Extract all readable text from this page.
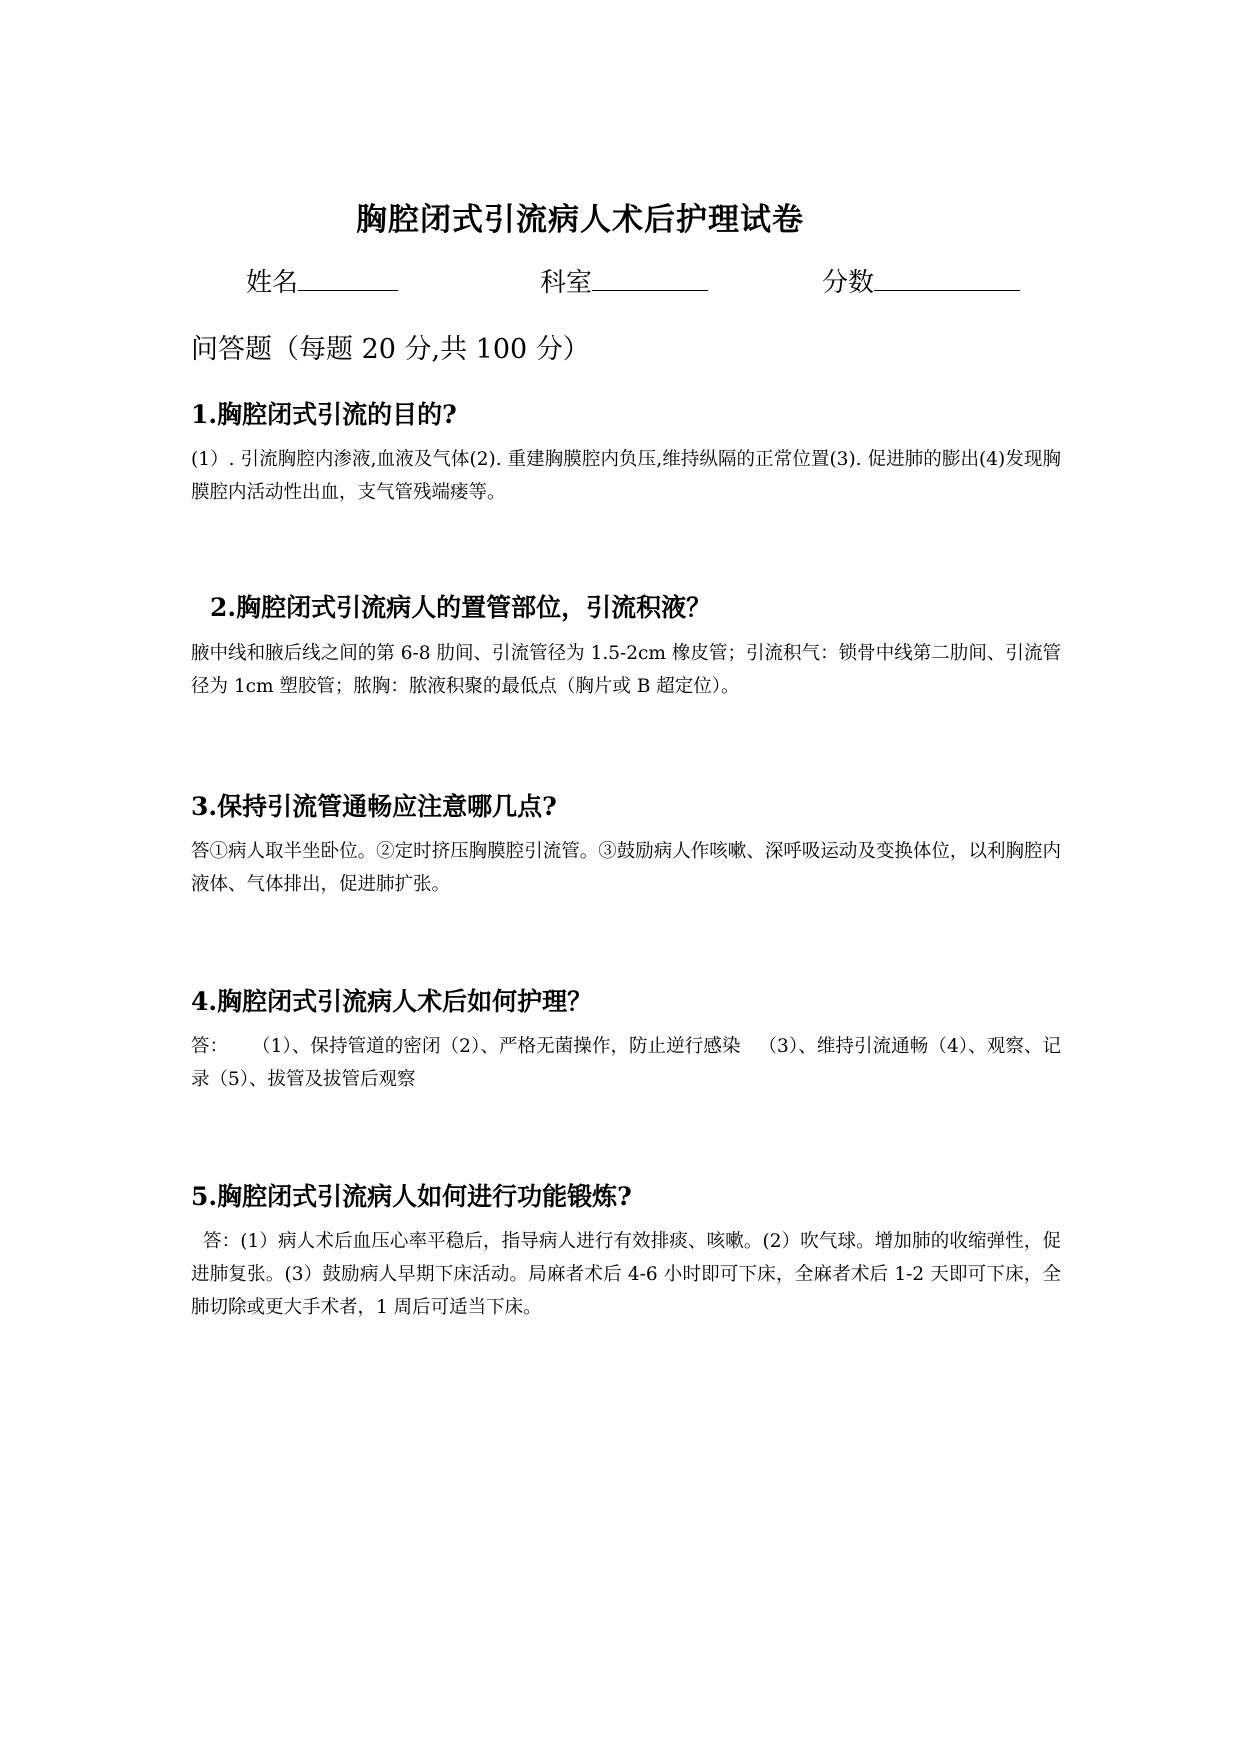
胸腔闭式引流病人术后护理试卷
姓名	科室	分数
问答题（每题 20 分,共 100 分）
1.胸腔闭式引流的目的?
(1）. 引流胸腔内渗液,血液及气体(2). 重建胸膜腔内负压,维持纵隔的正常位置(3). 促进肺的膨出(4)发现胸膜腔内活动性出血，支气管残端瘘等。
2.胸腔闭式引流病人的置管部位，引流积液？
腋中线和腋后线之间的第 6-8 肋间、引流管径为 1.5-2cm 橡皮管；引流积气：锁骨中线第二肋间、引流管径为 1cm 塑胶管；脓胸：脓液积聚的最低点（胸片或 B 超定位）。
3.保持引流管通畅应注意哪几点?
答①病人取半坐卧位。②定时挤压胸膜腔引流管。③鼓励病人作咳嗽、深呼吸运动及变换体位，以利胸腔内液体、气体排出，促进肺扩张。
4.胸腔闭式引流病人术后如何护理？
答：    （1）、保持管道的密闭（2）、严格无菌操作，防止逆行感染   （3）、维持引流通畅（4）、观察、记录（5）、拔管及拔管后观察
5.胸腔闭式引流病人如何进行功能锻炼?
答：(1）病人术后血压心率平稳后，指导病人进行有效排痰、咳嗽。(2）吹气球。增加肺的收缩弹性，促进肺复张。(3）鼓励病人早期下床活动。局麻者术后 4-6 小时即可下床，全麻者术后 1-2 天即可下床，全肺切除或更大手术者，1 周后可适当下床。
